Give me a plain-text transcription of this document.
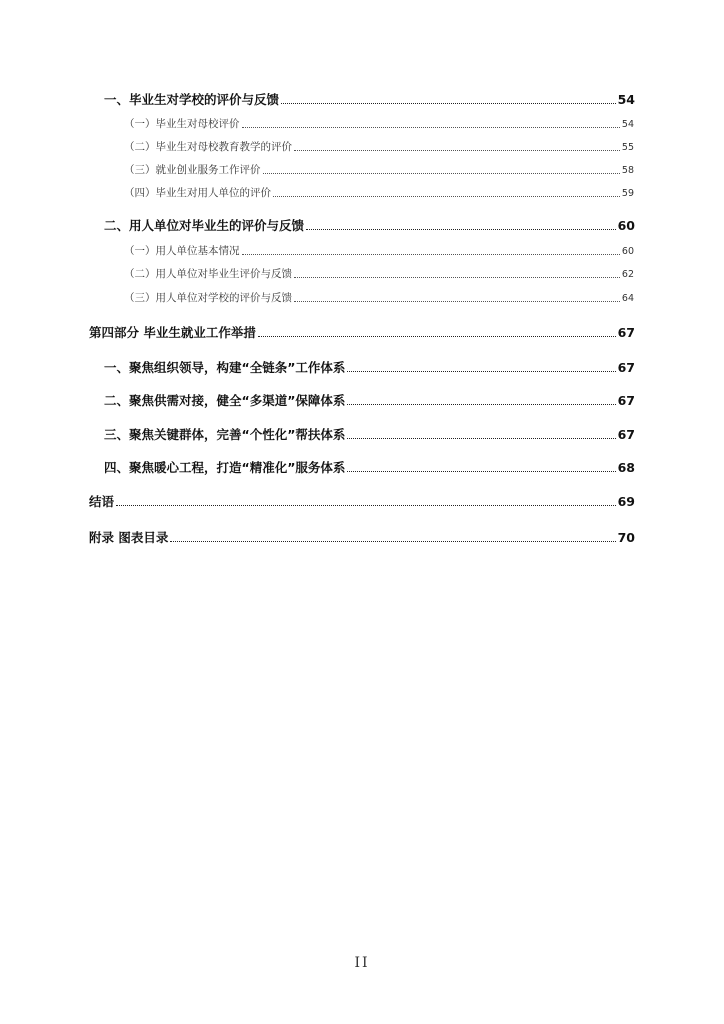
一、毕业生对学校的评价与反馈	54
（一）毕业生对母校评价	54
（二）毕业生对母校教育教学的评价	55
（三）就业创业服务工作评价	58
（四）毕业生对用人单位的评价	59
二、用人单位对毕业生的评价与反馈	60
（一）用人单位基本情况	60
（二）用人单位对毕业生评价与反馈	62
（三）用人单位对学校的评价与反馈	64
第四部分 毕业生就业工作举措	67
一、聚焦组织领导，构建“全链条”工作体系	67
二、聚焦供需对接，健全“多渠道”保障体系	67
三、聚焦关键群体，完善“个性化”帮扶体系	67
四、聚焦暖心工程，打造“精准化”服务体系	68
结语	69
附录 图表目录	70
II
